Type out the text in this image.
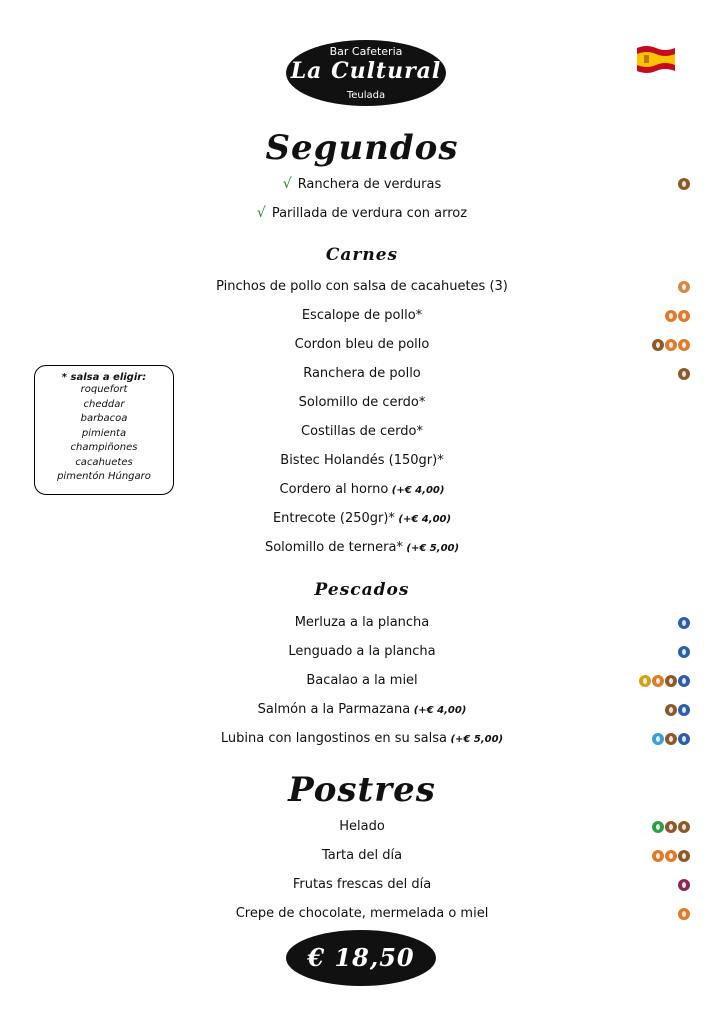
Bar Cafeteria
La Cultural
Teulada
Segundos
√ Ranchera de verduras
√ Parillada de verdura con arroz
Carnes
Pinchos de pollo con salsa de cacahuetes (3)
Escalope de pollo*
Cordon bleu de pollo
Ranchera de pollo
Solomillo de cerdo*
Costillas de cerdo*
Bistec Holandés (150gr)*
Cordero al horno (+€ 4,00)
Entrecote (250gr)* (+€ 4,00)
Solomillo de ternera* (+€ 5,00)
Pescados
Merluza a la plancha
Lenguado a la plancha
Bacalao a la miel
Salmón a la Parmazana (+€ 4,00)
Lubina con langostinos en su salsa (+€ 5,00)
Postres
Helado
Tarta del día
Frutas frescas del día
Crepe de chocolate, mermelada o miel
* salsa a eligir:
roquefort
cheddar
barbacoa
pimienta
champiñones
cacahuetes
pimentón Húngaro
€ 18,50
